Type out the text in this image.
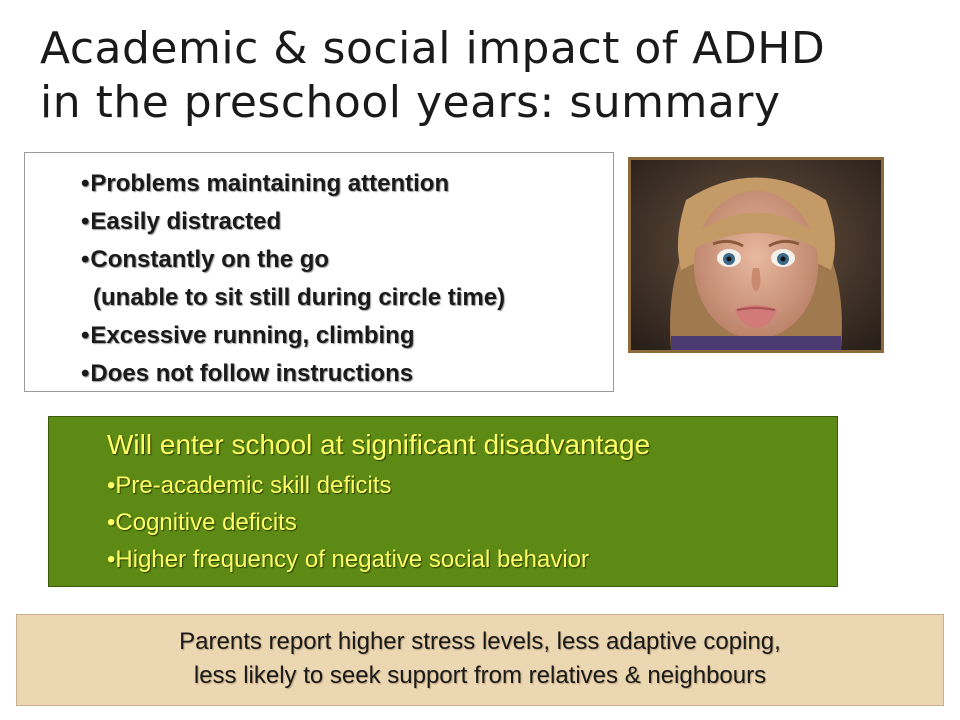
Academic & social impact of ADHD
in the preschool years: summary
•Problems maintaining attention
•Easily distracted
•Constantly on the go
(unable to sit still during circle time)
•Excessive running, climbing
•Does not follow instructions
Will enter school at significant disadvantage
•Pre-academic skill deficits
•Cognitive deficits
•Higher frequency of negative social behavior
Parents report higher stress levels, less adaptive coping,
less likely to seek support from relatives & neighbours
